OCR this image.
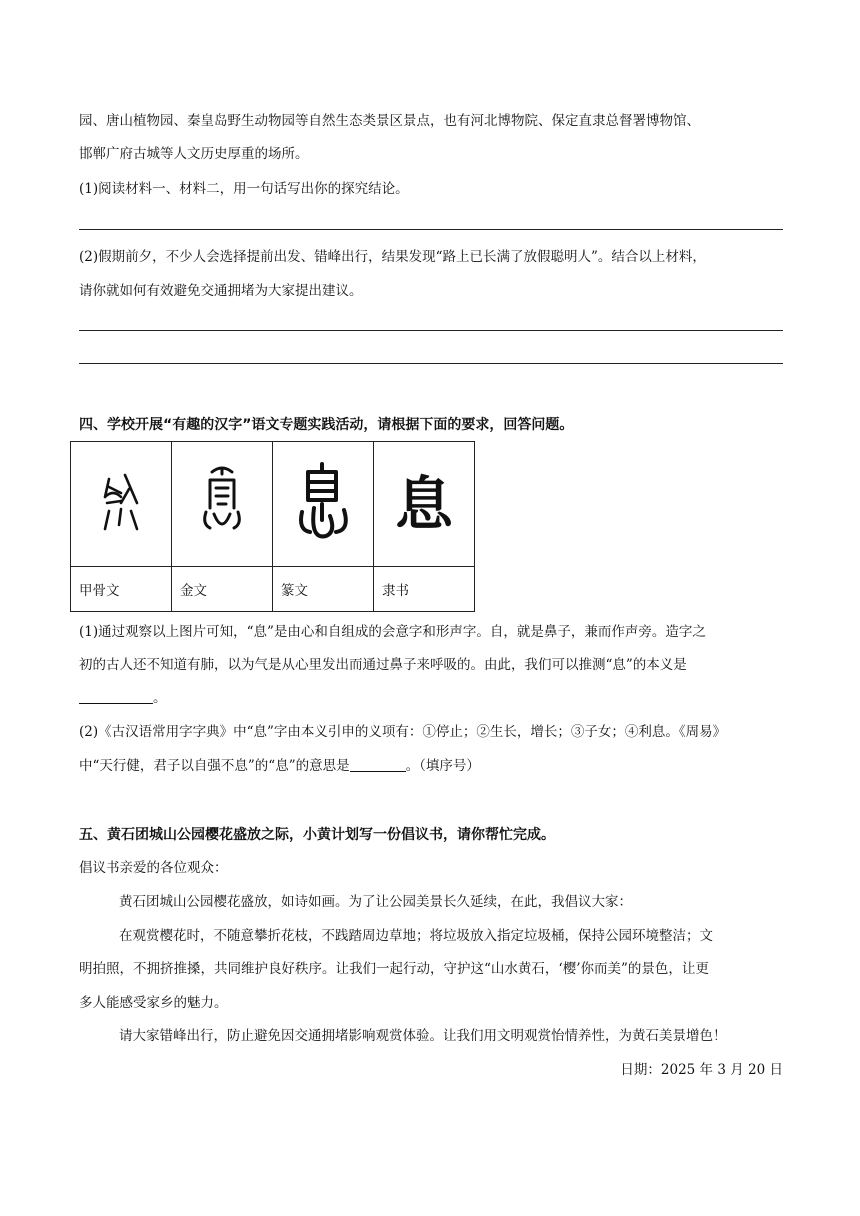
园、唐山植物园、秦皇岛野生动物园等自然生态类景区景点，也有河北博物院、保定直隶总督署博物馆、
邯郸广府古城等人文历史厚重的场所。
(1)阅读材料一、材料二，用一句话写出你的探究结论。
(2)假期前夕，不少人会选择提前出发、错峰出行，结果发现“路上已长满了放假聪明人”。结合以上材料，
请你就如何有效避免交通拥堵为大家提出建议。
四、学校开展“有趣的汉字”语文专题实践活动，请根据下面的要求，回答问题。
			息
甲骨文	金文	篆文	隶书
(1)通过观察以上图片可知，“息”是由心和自组成的会意字和形声字。自，就是鼻子，兼而作声旁。造字之
初的古人还不知道有肺，以为气是从心里发出而通过鼻子来呼吸的。由此，我们可以推测“息”的本义是
。
(2)《古汉语常用字字典》中“息”字由本义引申的义项有：①停止；②生长，增长；③子女；④利息。《周易》
中“天行健，君子以自强不息”的“息”的意思是	。（填序号）
五、黄石团城山公园樱花盛放之际，小黄计划写一份倡议书，请你帮忙完成。
倡议书亲爱的各位观众：
黄石团城山公园樱花盛放，如诗如画。为了让公园美景长久延续，在此，我倡议大家：
在观赏樱花时，不随意攀折花枝，不践踏周边草地；将垃圾放入指定垃圾桶，保持公园环境整洁；文
明拍照，不拥挤推搡，共同维护良好秩序。让我们一起行动，守护这“山水黄石，‘樱’你而美”的景色，让更
多人能感受家乡的魅力。
请大家错峰出行，防止避免因交通拥堵影响观赏体验。让我们用文明观赏怡情养性，为黄石美景增色！
日期：2025 年 3 月 20 日
